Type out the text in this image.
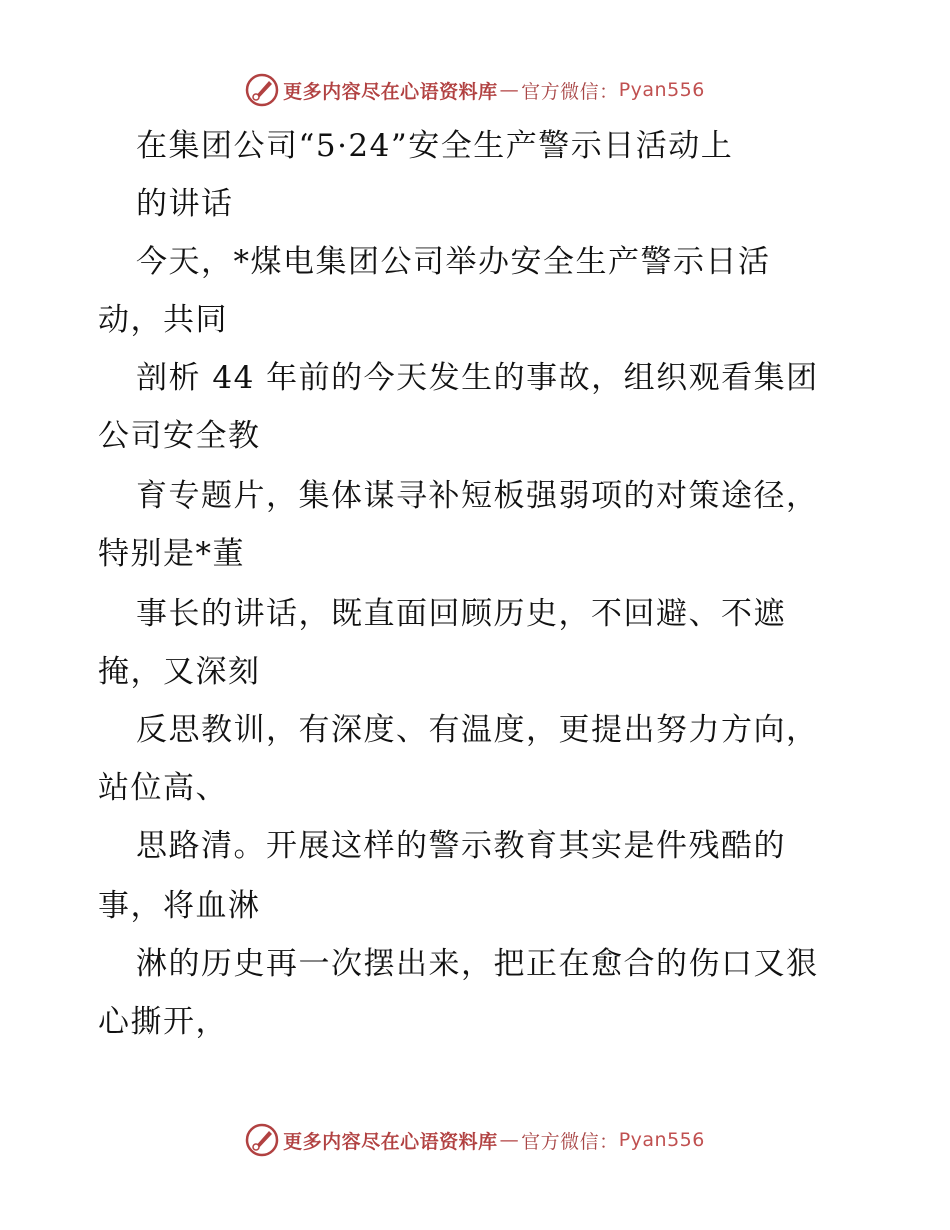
更多内容尽在心语资料库 — 官方微信： Pyan556
在集团公司“5·24”安全生产警示日活动上
的讲话
今天，*煤电集团公司举办安全生产警示日活
动，共同
剖析 44 年前的今天发生的事故，组织观看集团
公司安全教
育专题片，集体谋寻补短板强弱项的对策途径，
特别是*董
事长的讲话，既直面回顾历史，不回避、不遮
掩，又深刻
反思教训，有深度、有温度，更提出努力方向，
站位高、
思路清。开展这样的警示教育其实是件残酷的
事，将血淋
淋的历史再一次摆出来，把正在愈合的伤口又狠
心撕开，
更多内容尽在心语资料库 — 官方微信： Pyan556
